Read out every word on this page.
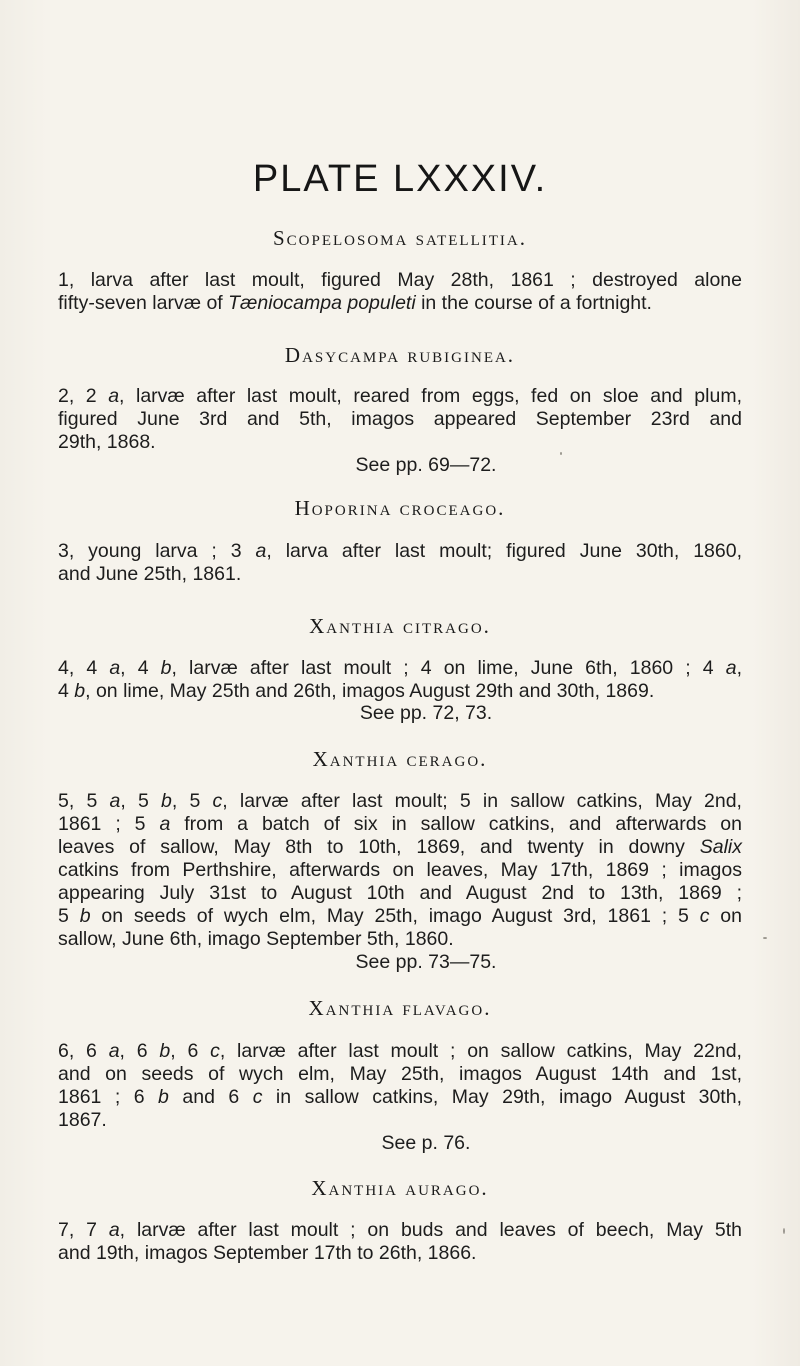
PLATE LXXXIV.
Scopelosoma satellitia.
1, larva after last moult, figured May 28th, 1861 ; destroyed alone
fifty-seven larvæ of Tæniocampa populeti in the course of a fortnight.
Dasycampa rubiginea.
2, 2 a, larvæ after last moult, reared from eggs, fed on sloe and plum,
figured June 3rd and 5th, imagos appeared September 23rd and
29th, 1868.
See pp. 69—72.
Hoporina croceago.
3, young larva ; 3 a, larva after last moult; figured June 30th, 1860,
and June 25th, 1861.
Xanthia citrago.
4, 4 a, 4 b, larvæ after last moult ; 4 on lime, June 6th, 1860 ; 4 a,
4 b, on lime, May 25th and 26th, imagos August 29th and 30th, 1869.
See pp. 72, 73.
Xanthia cerago.
5, 5 a, 5 b, 5 c, larvæ after last moult; 5 in sallow catkins, May 2nd,
1861 ; 5 a from a batch of six in sallow catkins, and afterwards on
leaves of sallow, May 8th to 10th, 1869, and twenty in downy Salix
catkins from Perthshire, afterwards on leaves, May 17th, 1869 ; imagos
appearing July 31st to August 10th and August 2nd to 13th, 1869 ;
5 b on seeds of wych elm, May 25th, imago August 3rd, 1861 ; 5 c on
sallow, June 6th, imago September 5th, 1860.
See pp. 73—75.
Xanthia flavago.
6, 6 a, 6 b, 6 c, larvæ after last moult ; on sallow catkins, May 22nd,
and on seeds of wych elm, May 25th, imagos August 14th and 1st,
1861 ; 6 b and 6 c in sallow catkins, May 29th, imago August 30th,
1867.
See p. 76.
Xanthia aurago.
7, 7 a, larvæ after last moult ; on buds and leaves of beech, May 5th
and 19th, imagos September 17th to 26th, 1866.
